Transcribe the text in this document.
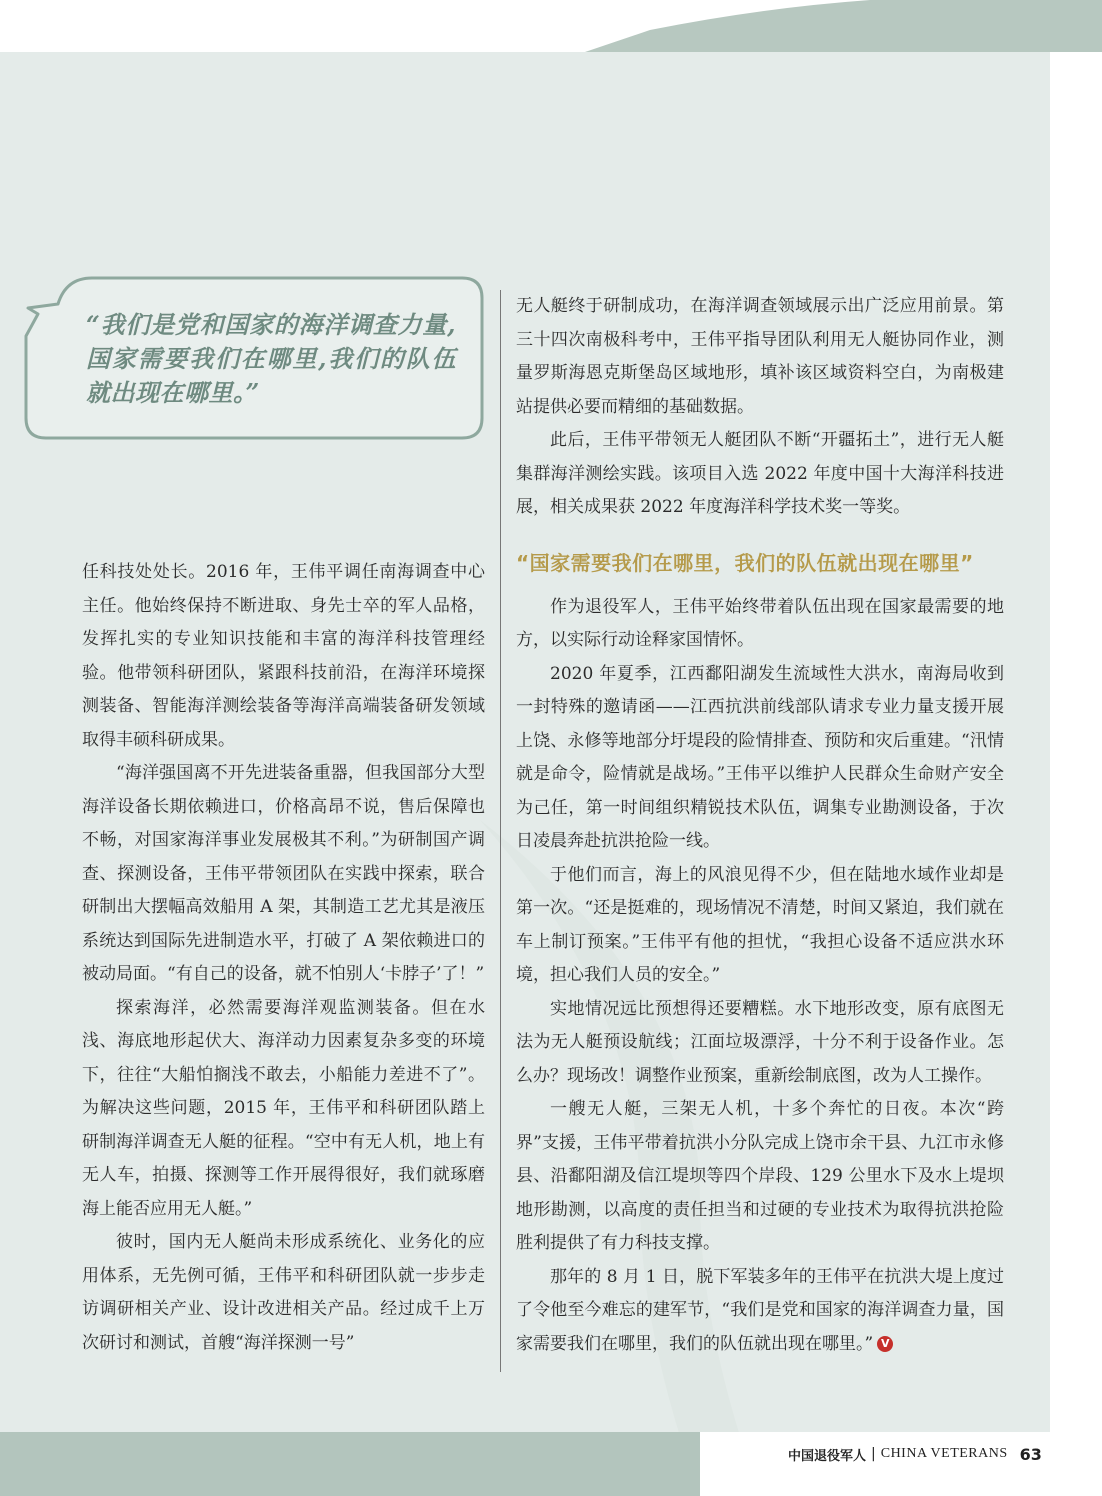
“我们是党和国家的海洋调查力量,国家需要我们在哪里,我们的队伍就出现在哪里。”

任科技处处长。2016 年，王伟平调任南海调查中心主任。他始终保持不断进取、身先士卒的军人品格，发挥扎实的专业知识技能和丰富的海洋科技管理经验。他带领科研团队，紧跟科技前沿，在海洋环境探测装备、智能海洋测绘装备等海洋高端装备研发领域取得丰硕科研成果。

“海洋强国离不开先进装备重器，但我国部分大型海洋设备长期依赖进口，价格高昂不说，售后保障也不畅，对国家海洋事业发展极其不利。”为研制国产调查、探测设备，王伟平带领团队在实践中探索，联合研制出大摆幅高效船用 A 架，其制造工艺尤其是液压系统达到国际先进制造水平，打破了 A 架依赖进口的被动局面。“有自己的设备，就不怕别人‘卡脖子’了！”

探索海洋，必然需要海洋观监测装备。但在水浅、海底地形起伏大、海洋动力因素复杂多变的环境下，往往“大船怕搁浅不敢去，小船能力差进不了”。为解决这些问题，2015 年，王伟平和科研团队踏上研制海洋调查无人艇的征程。“空中有无人机，地上有无人车，拍摄、探测等工作开展得很好，我们就琢磨海上能否应用无人艇。”

彼时，国内无人艇尚未形成系统化、业务化的应用体系，无先例可循，王伟平和科研团队就一步步走访调研相关产业、设计改进相关产品。经过成千上万次研讨和测试，首艘“海洋探测一号”

无人艇终于研制成功，在海洋调查领域展示出广泛应用前景。第三十四次南极科考中，王伟平指导团队利用无人艇协同作业，测量罗斯海恩克斯堡岛区域地形，填补该区域资料空白，为南极建站提供必要而精细的基础数据。

此后，王伟平带领无人艇团队不断“开疆拓土”，进行无人艇集群海洋测绘实践。该项目入选 2022 年度中国十大海洋科技进展，相关成果获 2022 年度海洋科学技术奖一等奖。

“国家需要我们在哪里，我们的队伍就出现在哪里”

作为退役军人，王伟平始终带着队伍出现在国家最需要的地方，以实际行动诠释家国情怀。

2020 年夏季，江西鄱阳湖发生流域性大洪水，南海局收到一封特殊的邀请函——江西抗洪前线部队请求专业力量支援开展上饶、永修等地部分圩堤段的险情排查、预防和灾后重建。“汛情就是命令，险情就是战场。”王伟平以维护人民群众生命财产安全为己任，第一时间组织精锐技术队伍，调集专业勘测设备，于次日凌晨奔赴抗洪抢险一线。

于他们而言，海上的风浪见得不少，但在陆地水域作业却是第一次。“还是挺难的，现场情况不清楚，时间又紧迫，我们就在车上制订预案。”王伟平有他的担忧，“我担心设备不适应洪水环境，担心我们人员的安全。”

实地情况远比预想得还要糟糕。水下地形改变，原有底图无法为无人艇预设航线；江面垃圾漂浮，十分不利于设备作业。怎么办？现场改！调整作业预案，重新绘制底图，改为人工操作。

一艘无人艇，三架无人机，十多个奔忙的日夜。本次“跨界”支援，王伟平带着抗洪小分队完成上饶市余干县、九江市永修县、沿鄱阳湖及信江堤坝等四个岸段、129 公里水下及水上堤坝地形勘测，以高度的责任担当和过硬的专业技术为取得抗洪抢险胜利提供了有力科技支撑。

那年的 8 月 1 日，脱下军装多年的王伟平在抗洪大堤上度过了令他至今难忘的建军节，“我们是党和国家的海洋调查力量，国家需要我们在哪里，我们的队伍就出现在哪里。” V

中国退役军人 | CHINA VETERANS 63
